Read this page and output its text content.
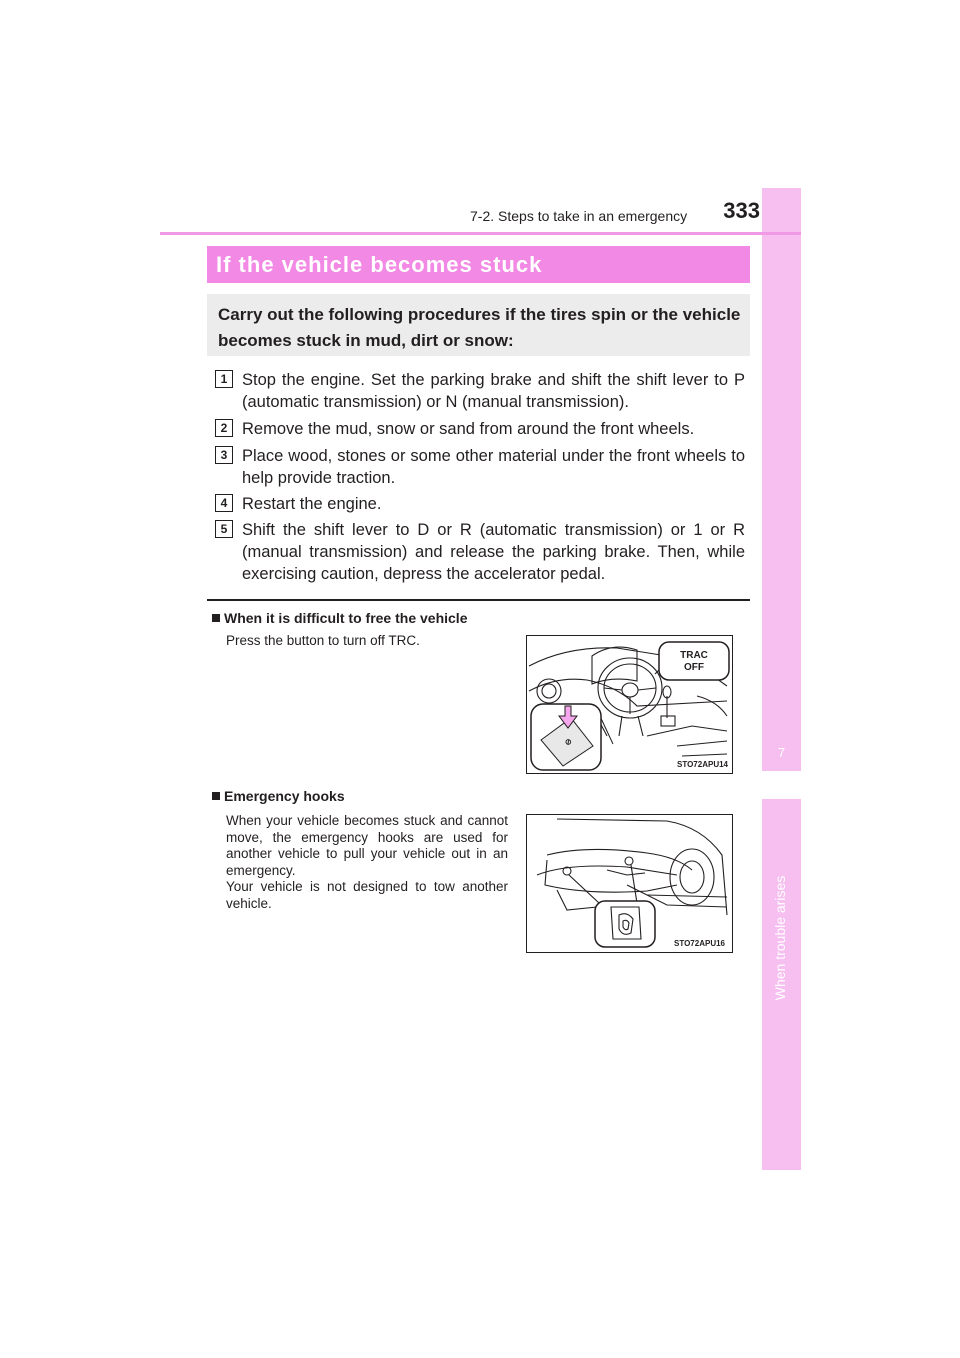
7
When trouble arises
7-2. Steps to take in an emergency	333
If the vehicle becomes stuck
Carry out the following procedures if the tires spin or the vehicle becomes stuck in mud, dirt or snow:
1 Stop the engine. Set the parking brake and shift the shift lever to P (automatic transmission) or N (manual transmission).
2 Remove the mud, snow or sand from around the front wheels.
3 Place wood, stones or some other material under the front wheels to help provide traction.
4 Restart the engine.
5 Shift the shift lever to D or R (automatic transmission) or 1 or R (manual transmission) and release the parking brake. Then, while exercising caution, depress the accelerator pedal.
When it is difficult to free the vehicle
Press the button to turn off TRC.
TRAC
OFF
⊘
STO72APU14
Emergency hooks
When your vehicle becomes stuck and cannot move, the emergency hooks are used for another vehicle to pull your vehicle out in an emergency.
Your vehicle is not designed to tow another vehicle.
STO72APU16
